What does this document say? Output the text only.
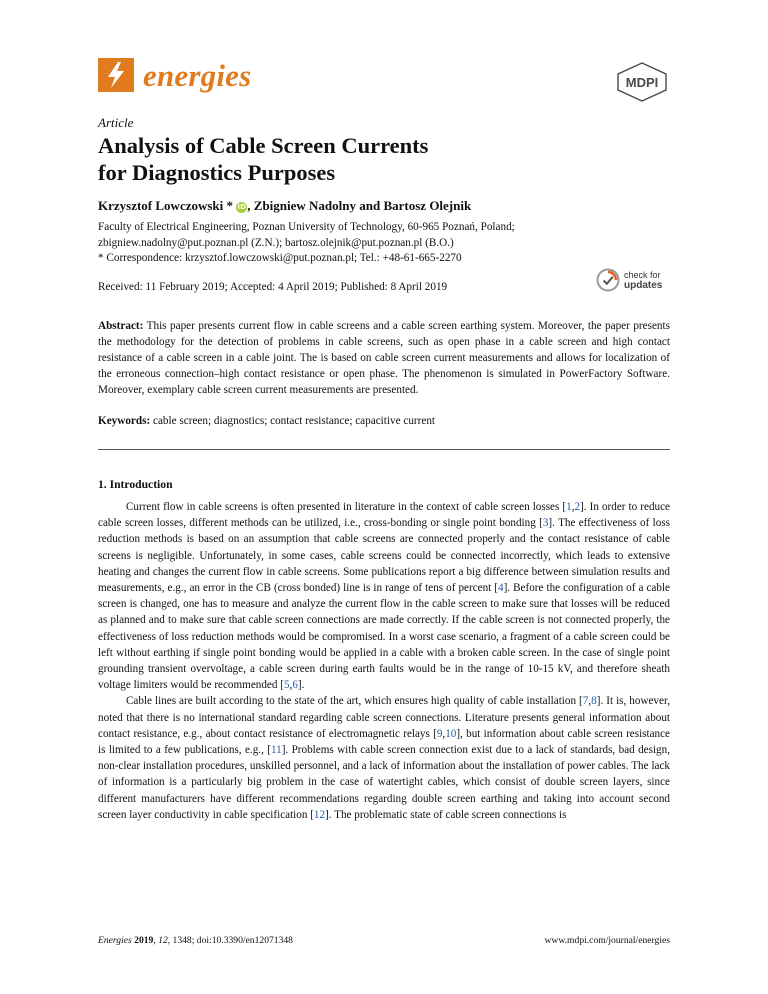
energies	MDPI
Article
Analysis of Cable Screen Currents
for Diagnostics Purposes
Krzysztof Lowczowski * iD, Zbigniew Nadolny and Bartosz Olejnik
Faculty of Electrical Engineering, Poznan University of Technology, 60-965 Poznań, Poland;
zbigniew.nadolny@put.poznan.pl (Z.N.); bartosz.olejnik@put.poznan.pl (B.O.)
* Correspondence: krzysztof.lowczowski@put.poznan.pl; Tel.: +48-61-665-2270
Received: 11 February 2019; Accepted: 4 April 2019; Published: 8 April 2019
check for
updates

Abstract: This paper presents current flow in cable screens and a cable screen earthing system. Moreover, the paper presents the methodology for the detection of problems in cable screens, such as open phase in a cable screen and high contact resistance of a cable screen in a cable joint. The is based on cable screen current measurements and allows for localization of the erroneous connection–high contact resistance or open phase. The phenomenon is simulated in PowerFactory Software. Moreover, exemplary cable screen current measurements are presented.

Keywords: cable screen; diagnostics; contact resistance; capacitive current

1. Introduction

Current flow in cable screens is often presented in literature in the context of cable screen losses [1,2]. In order to reduce cable screen losses, different methods can be utilized, i.e., cross-bonding or single point bonding [3]. The effectiveness of loss reduction methods is based on an assumption that cable screens are connected properly and the contact resistance of cable screens is negligible. Unfortunately, in some cases, cable screens could be connected incorrectly, which leads to extensive heating and changes the current flow in cable screens. Some publications report a big difference between simulation results and measurements, e.g., an error in the CB (cross bonded) line is in range of tens of percent [4]. Before the configuration of a cable screen is changed, one has to measure and analyze the current flow in the cable screen to make sure that losses will be reduced as planned and to make sure that cable screen connections are made correctly. If the cable screen is not connected properly, the effectiveness of loss reduction methods would be compromised. In a worst case scenario, a fragment of a cable screen could be left without earthing if single point bonding would be applied in a cable with a broken cable screen. In the case of single point grounding transient overvoltage, a cable screen during earth faults would be in the range of 10-15 kV, and therefore sheath voltage limiters would be recommended [5,6].

Cable lines are built according to the state of the art, which ensures high quality of cable installation [7,8]. It is, however, noted that there is no international standard regarding cable screen connections. Literature presents general information about contact resistance, e.g., about contact resistance of electromagnetic relays [9,10], but information about cable screen resistance is limited to a few publications, e.g., [11]. Problems with cable screen connection exist due to a lack of standards, bad design, non-clear installation procedures, unskilled personnel, and a lack of information about the installation of power cables. The lack of information is a particularly big problem in the case of watertight cables, which consist of double screen layers, since different manufacturers have different recommendations regarding double screen earthing and taking into account second screen layer conductivity in cable specification [12]. The problematic state of cable screen connections is

Energies 2019, 12, 1348; doi:10.3390/en12071348	www.mdpi.com/journal/energies
